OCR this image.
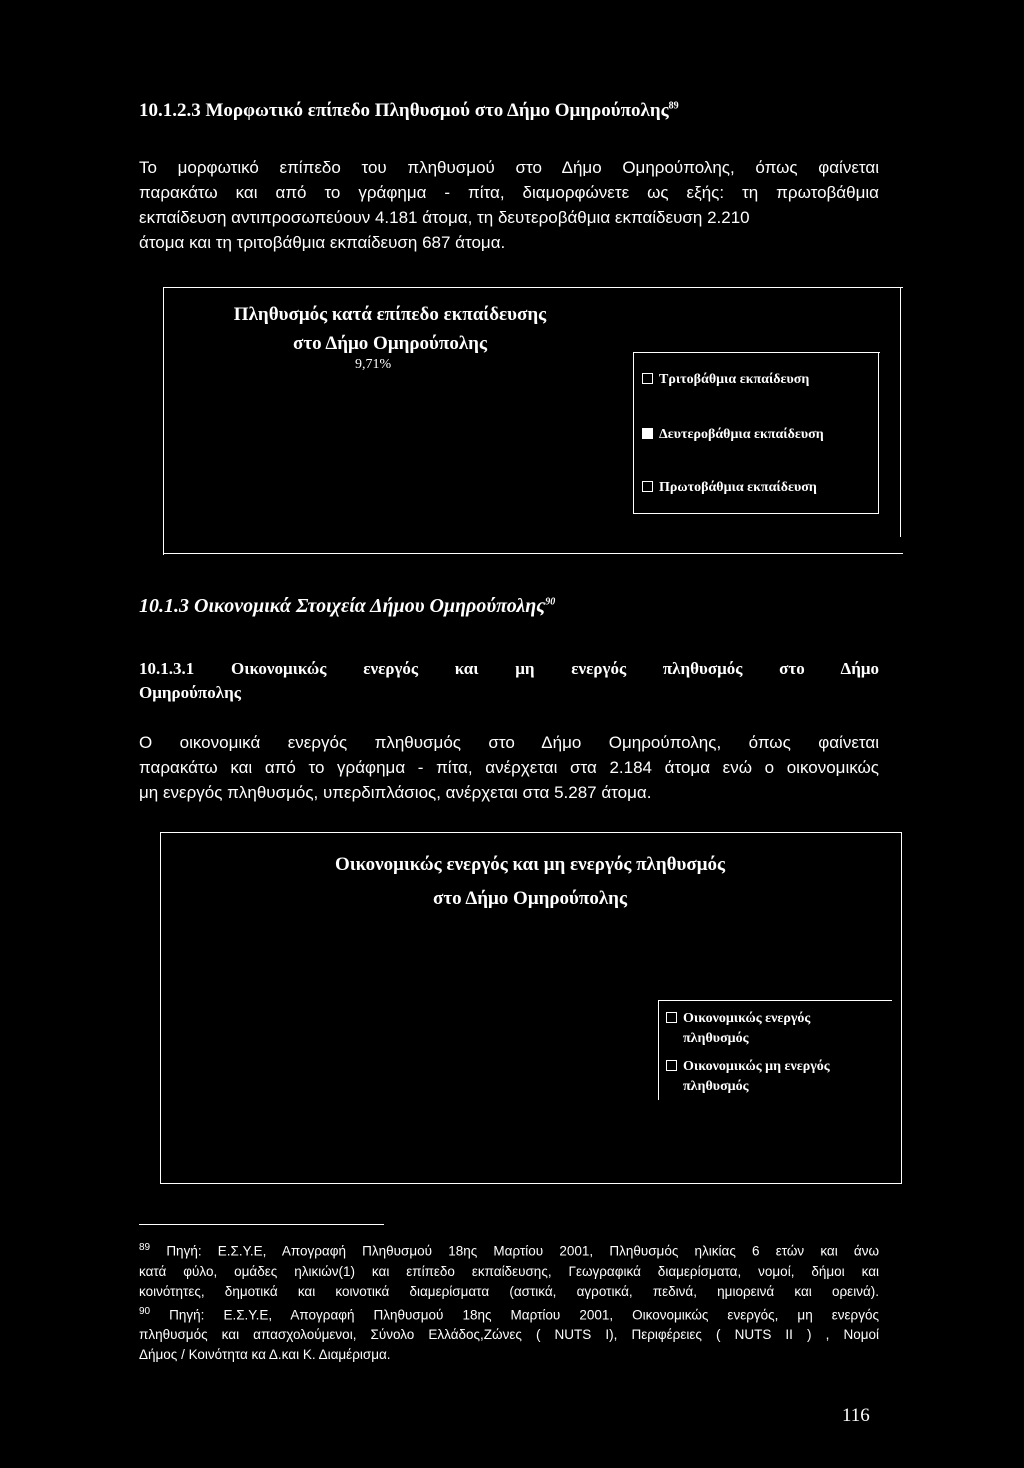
10.1.2.3 Μορφωτικό επίπεδο Πληθυσμού στο Δήμο Ομηρούπολης$^{89}$
Το μορφωτικό επίπεδο του πληθυσμού στο Δήμο Ομηρούπολης, όπως φαίνεται
παρακάτω και από το γράφημα - πίτα, διαμορφώνετε ως εξής: τη πρωτοβάθμια
εκπαίδευση αντιπροσωπεύουν 4.181 άτομα, τη δευτεροβάθμια εκπαίδευση 2.210
άτομα και τη τριτοβάθμια εκπαίδευση 687 άτομα.
Πληθυσμός κατά επίπεδο εκπαίδευσης
στο Δήμο Ομηρούπολης
9,71%
Τριτοβάθμια εκπαίδευση
Δευτεροβάθμια εκπαίδευση
Πρωτοβάθμια εκπαίδευση
10.1.3 Οικονομικά Στοιχεία Δήμου Ομηρούπολης$^{90}$
10.1.3.1 Οικονομικώς ενεργός και μη ενεργός πληθυσμός στο Δήμο
Ομηρούπολης
Ο οικονομικά ενεργός πληθυσμός στο Δήμο Ομηρούπολης, όπως φαίνεται
παρακάτω και από το γράφημα - πίτα, ανέρχεται στα 2.184 άτομα ενώ ο οικονομικώς
μη ενεργός πληθυσμός, υπερδιπλάσιος, ανέρχεται στα 5.287 άτομα.
Οικονομικώς ενεργός και μη ενεργός πληθυσμός
στο Δήμο Ομηρούπολης
Οικονομικώς ενεργός
πληθυσμός
Οικονομικώς μη ενεργός
πληθυσμός
$^{89}$ Πηγή: Ε.Σ.Υ.Ε, Απογραφή Πληθυσμού 18ης Μαρτίου 2001, Πληθυσμός ηλικίας 6 ετών και άνω
κατά φύλο, ομάδες ηλικιών(1) και επίπεδο εκπαίδευσης, Γεωγραφικά διαμερίσματα, νομοί, δήμοι και
κοινότητες, δημοτικά και κοινοτικά διαμερίσματα (αστικά, αγροτικά, πεδινά, ημιορεινά και ορεινά).
$^{90}$ Πηγή: Ε.Σ.Υ.Ε, Απογραφή Πληθυσμού 18ης Μαρτίου 2001, Οικονομικώς ενεργός, μη ενεργός
πληθυσμός και απασχολούμενοι, Σύνολο Ελλάδος,Ζώνες ( NUTS I), Περιφέρειες ( NUTS II ) , Νομοί
Δήμος / Κοινότητα κα Δ.και Κ. Διαμέρισμα.
116
